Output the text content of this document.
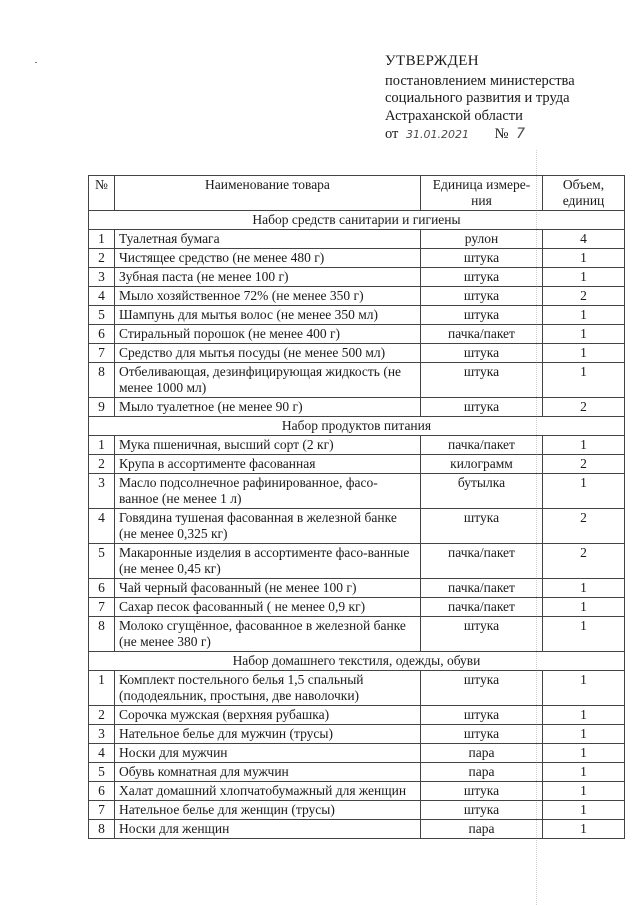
УТВЕРЖДЕН
постановлением министерства
социального развития и труда
Астраханской области
от 31.01.2021 № 7
№	Наименование товара	Единица измере-ния	Объем, единиц
Набор средств санитарии и гигиены			
1	Туалетная бумага	рулон	4
2	Чистящее средство (не менее 480 г)	штука	1
3	Зубная паста (не менее 100 г)	штука	1
4	Мыло хозяйственное 72% (не менее 350 г)	штука	2
5	Шампунь для мытья волос (не менее 350 мл)	штука	1
6	Стиральный порошок (не менее 400 г)	пачка/пакет	1
7	Средство для мытья посуды (не менее 500 мл)	штука	1
8	Отбеливающая, дезинфицирующая жидкость (не менее 1000 мл)	штука	1
9	Мыло туалетное (не менее 90 г)	штука	2
Набор продуктов питания			
1	Мука пшеничная, высший сорт (2 кг)	пачка/пакет	1
2	Крупа в ассортименте фасованная	килограмм	2
3	Масло подсолнечное рафинированное, фасо-ванное (не менее 1 л)	бутылка	1
4	Говядина тушеная фасованная в железной банке (не менее 0,325 кг)	штука	2
5	Макаронные изделия в ассортименте фасо-ванные (не менее 0,45 кг)	пачка/пакет	2
6	Чай черный фасованный (не менее 100 г)	пачка/пакет	1
7	Сахар песок фасованный ( не менее 0,9 кг)	пачка/пакет	1
8	Молоко сгущённое, фасованное в железной банке (не менее 380 г)	штука	1
Набор домашнего текстиля, одежды, обуви			
1	Комплект постельного белья 1,5 спальный (пододеяльник, простыня, две наволочки)	штука	1
2	Сорочка мужская (верхняя рубашка)	штука	1
3	Нательное белье для мужчин (трусы)	штука	1
4	Носки для мужчин	пара	1
5	Обувь комнатная для мужчин	пара	1
6	Халат домашний хлопчатобумажный для женщин	штука	1
7	Нательное белье для женщин (трусы)	штука	1
8	Носки для женщин	пара	1
